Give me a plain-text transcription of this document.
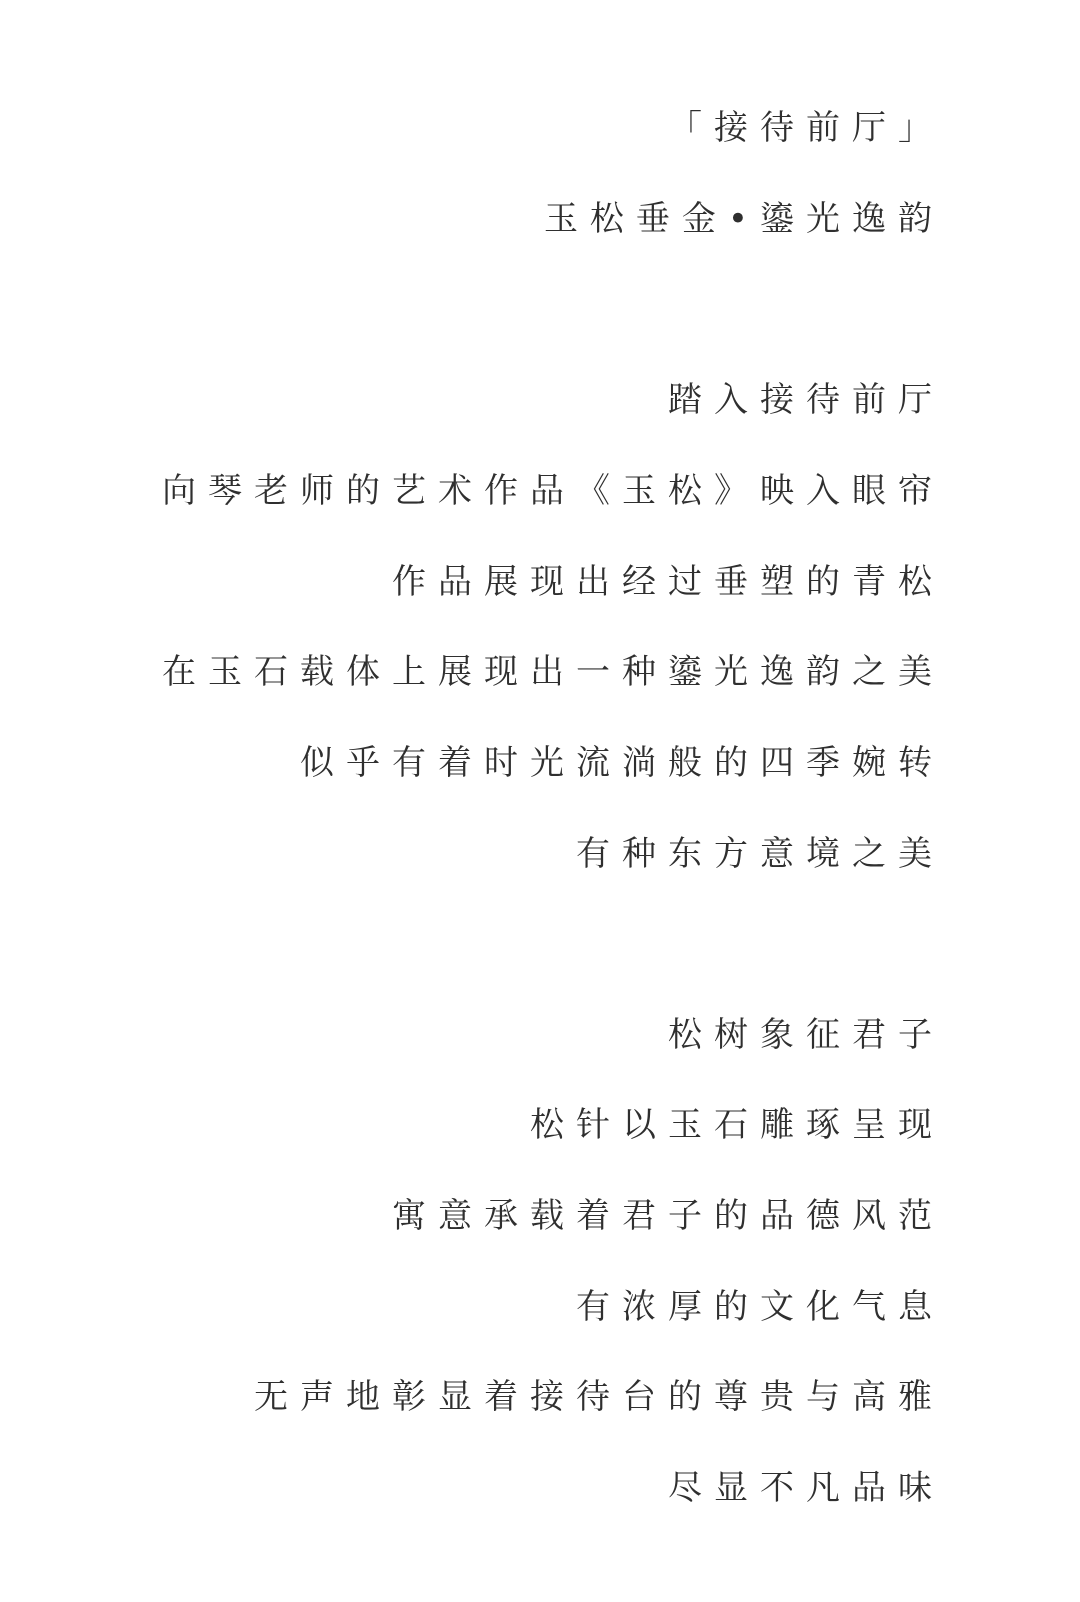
「接待前厅」
玉松垂金•鎏光逸韵
踏入接待前厅
向琴老师的艺术作品《玉松》映入眼帘
作品展现出经过垂塑的青松
在玉石载体上展现出一种鎏光逸韵之美
似乎有着时光流淌般的四季婉转
有种东方意境之美
松树象征君子
松针以玉石雕琢呈现
寓意承载着君子的品德风范
有浓厚的文化气息
无声地彰显着接待台的尊贵与高雅
尽显不凡品味
